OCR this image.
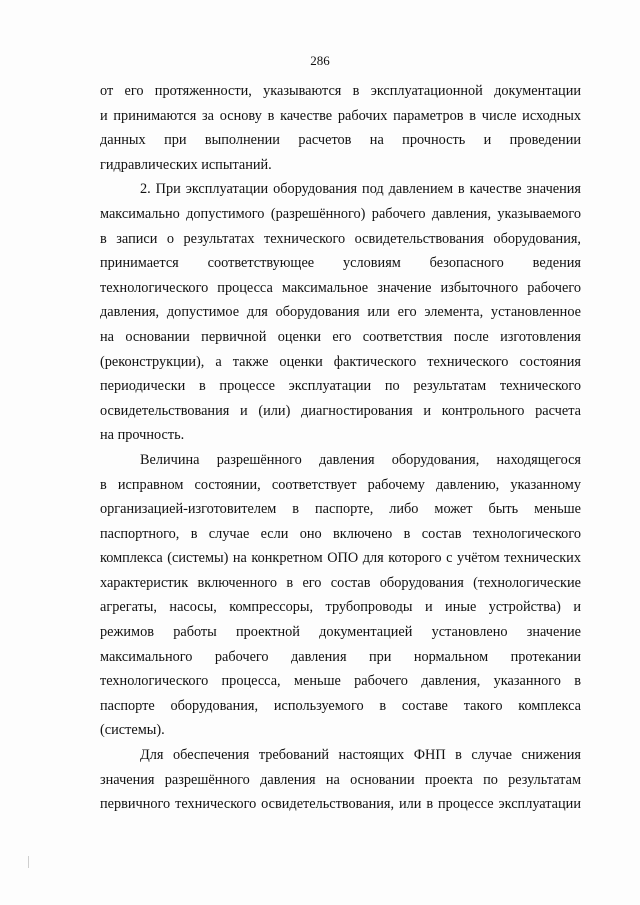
286
от его протяженности, указываются в эксплуатационной документации
и принимаются за основу в качестве рабочих параметров в числе исходных
данных при выполнении расчетов на прочность и проведении
гидравлических испытаний.
2. При эксплуатации оборудования под давлением в качестве значения
максимально допустимого (разрешённого) рабочего давления, указываемого
в записи о результатах технического освидетельствования оборудования,
принимается соответствующее условиям безопасного ведения
технологического процесса максимальное значение избыточного рабочего
давления, допустимое для оборудования или его элемента, установленное
на основании первичной оценки его соответствия после изготовления
(реконструкции), а также оценки фактического технического состояния
периодически в процессе эксплуатации по результатам технического
освидетельствования и (или) диагностирования и контрольного расчета
на прочность.
Величина разрешённого давления оборудования, находящегося
в исправном состоянии, соответствует рабочему давлению, указанному
организацией-изготовителем в паспорте, либо может быть меньше
паспортного, в случае если оно включено в состав технологического
комплекса (системы) на конкретном ОПО для которого с учётом технических
характеристик включенного в его состав оборудования (технологические
агрегаты, насосы, компрессоры, трубопроводы и иные устройства) и
режимов работы проектной документацией установлено значение
максимального рабочего давления при нормальном протекании
технологического процесса, меньше рабочего давления, указанного в
паспорте оборудования, используемого в составе такого комплекса
(системы).
Для обеспечения требований настоящих ФНП в случае снижения
значения разрешённого давления на основании проекта по результатам
первичного технического освидетельствования, или в процессе эксплуатации
